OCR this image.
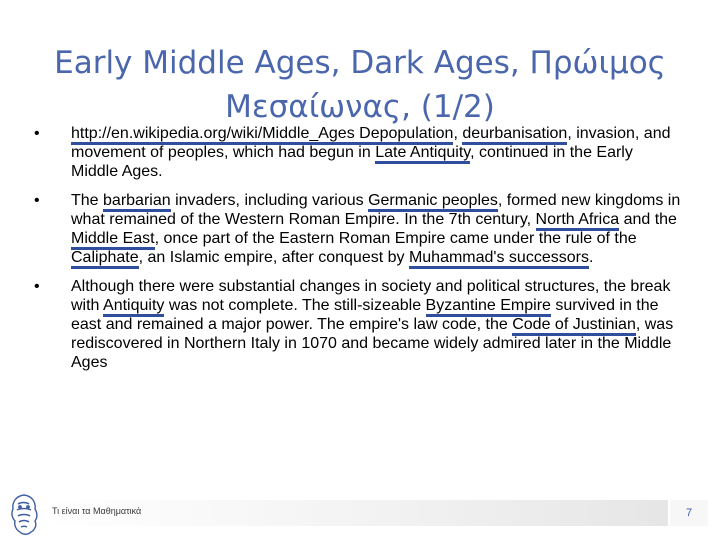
Early Middle Ages, Dark Ages, Πρώιμος Μεσαίωνας, (1/2)
• http://en.wikipedia.org/wiki/Middle_Ages Depopulation, deurbanisation, invasion, and movement of peoples, which had begun in Late Antiquity, continued in the Early Middle Ages.
• The barbarian invaders, including various Germanic peoples, formed new kingdoms in what remained of the Western Roman Empire. In the 7th century, North Africa and the Middle East, once part of the Eastern Roman Empire came under the rule of the Caliphate, an Islamic empire, after conquest by Muhammad's successors.
• Although there were substantial changes in society and political structures, the break with Antiquity was not complete. The still-sizeable Byzantine Empire survived in the east and remained a major power. The empire's law code, the Code of Justinian, was rediscovered in Northern Italy in 1070 and became widely admired later in the Middle Ages
Τι είναι τα Μαθηματικά	7
